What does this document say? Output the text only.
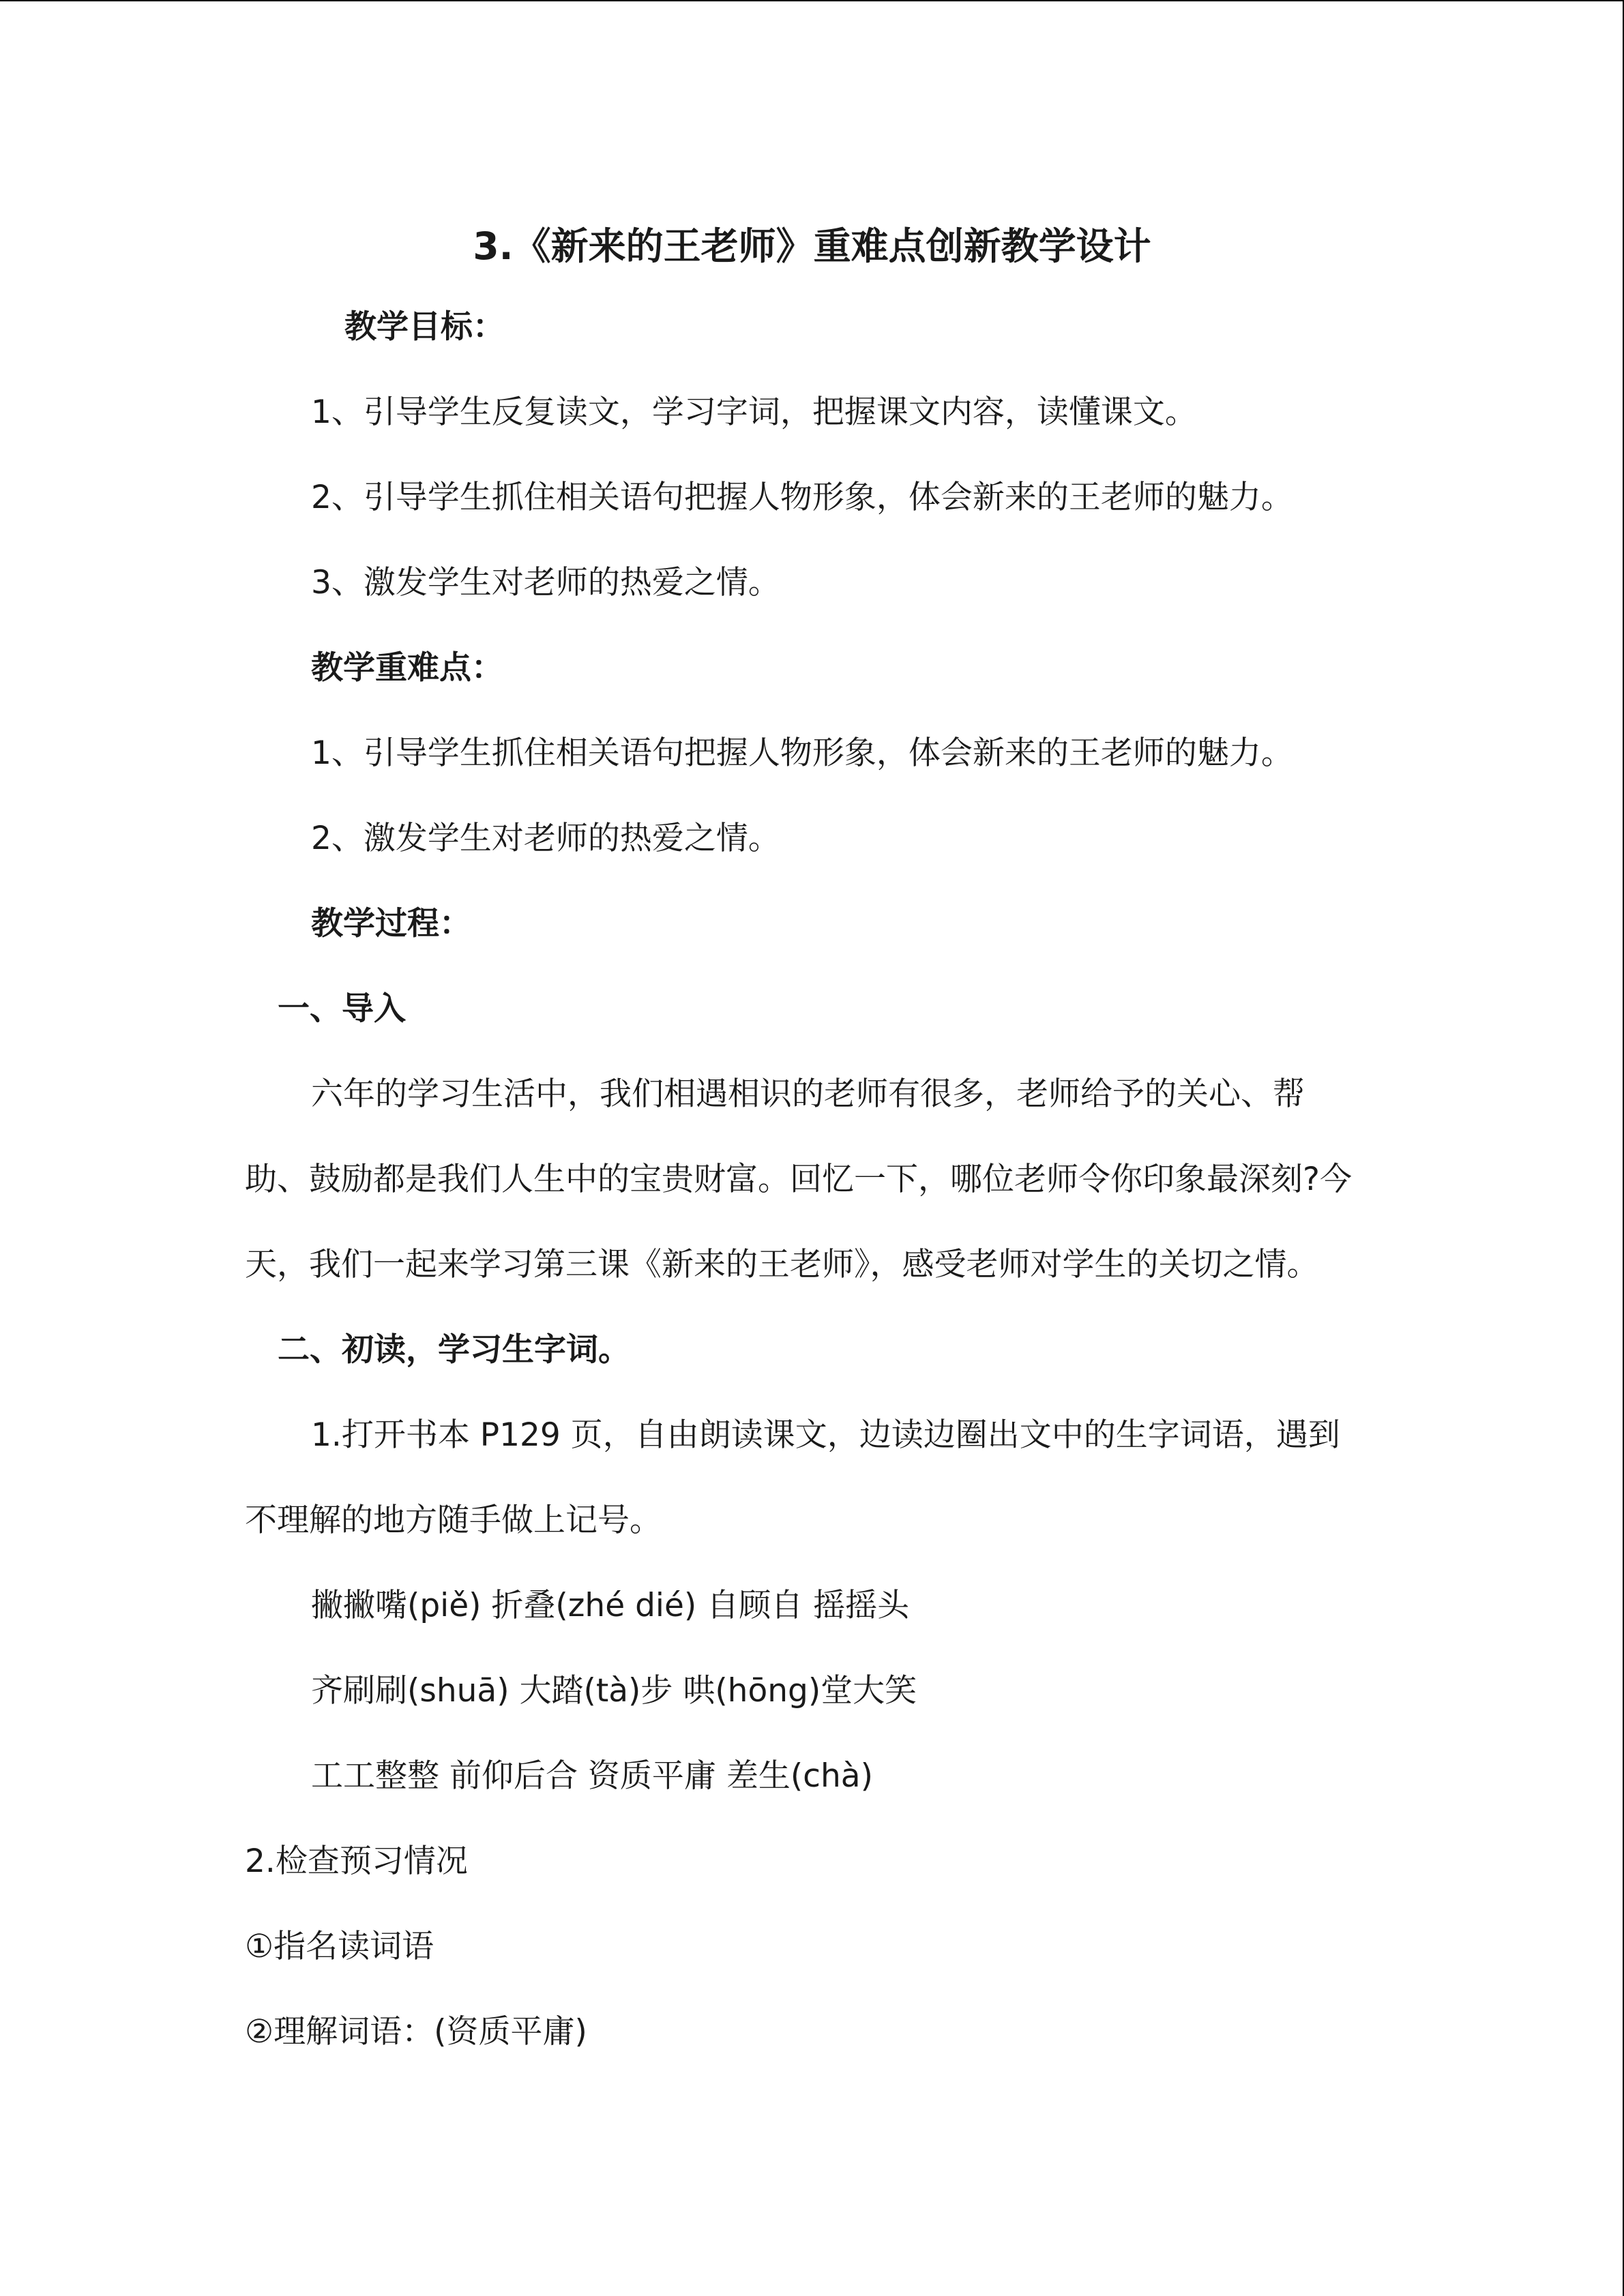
3.《新来的王老师》重难点创新教学设计

教学目标：

1、引导学生反复读文，学习字词，把握课文内容，读懂课文。

2、引导学生抓住相关语句把握人物形象，体会新来的王老师的魅力。

3、激发学生对老师的热爱之情。

教学重难点：

1、引导学生抓住相关语句把握人物形象，体会新来的王老师的魅力。

2、激发学生对老师的热爱之情。

教学过程：

一、导入

六年的学习生活中，我们相遇相识的老师有很多，老师给予的关心、帮

助、鼓励都是我们人生中的宝贵财富。回忆一下，哪位老师令你印象最深刻?今

天，我们一起来学习第三课《新来的王老师》，感受老师对学生的关切之情。

二、初读，学习生字词。

1.打开书本 P129 页，自由朗读课文，边读边圈出文中的生字词语，遇到

不理解的地方随手做上记号。

撇撇嘴(piě) 折叠(zhé dié) 自顾自 摇摇头

齐刷刷(shuā) 大踏(tà)步 哄(hōng)堂大笑

工工整整 前仰后合 资质平庸 差生(chà)

2.检查预习情况

①指名读词语

②理解词语：(资质平庸)
